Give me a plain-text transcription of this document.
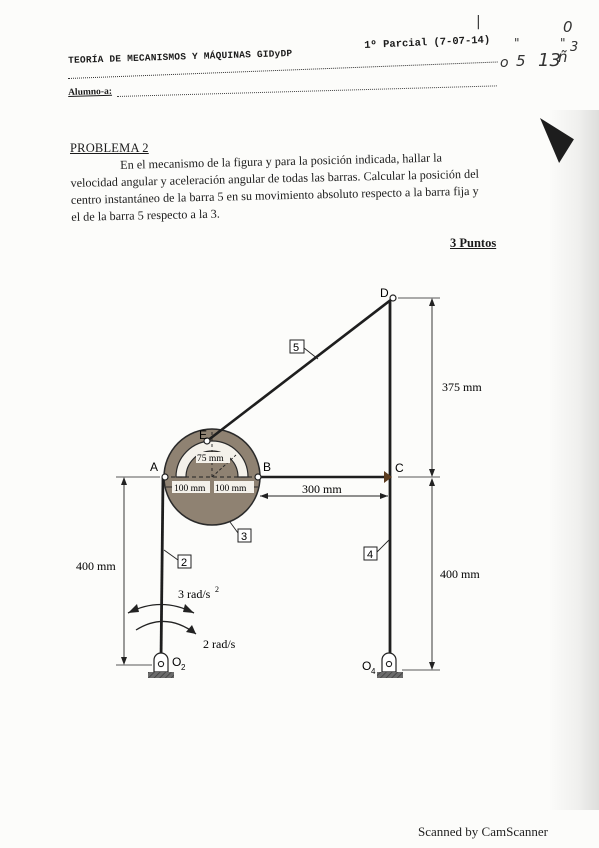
TEORÍA DE MECANISMOS Y MÁQUINAS GIDyDP
1º Parcial (7-07-14)
Alumno-a:
|	0
"	"
o 5 13
ñ
3
PROBLEMA 2
En el mecanismo de la figura y para la posición indicada, hallar la
velocidad angular y aceleración angular de todas las barras. Calcular la posición del
centro instantáneo de la barra 5 en su movimiento absoluto respecto a la barra fija y
el de la barra 5 respecto a la 3.
3 Puntos
100 mm 100 mm
75 mm
D
E
A	B	C
O 2	O 4
5
3
2
4
375 mm
400 mm
400 mm
300 mm
3 rad/s 2
2 rad/s
Scanned by CamScanner
